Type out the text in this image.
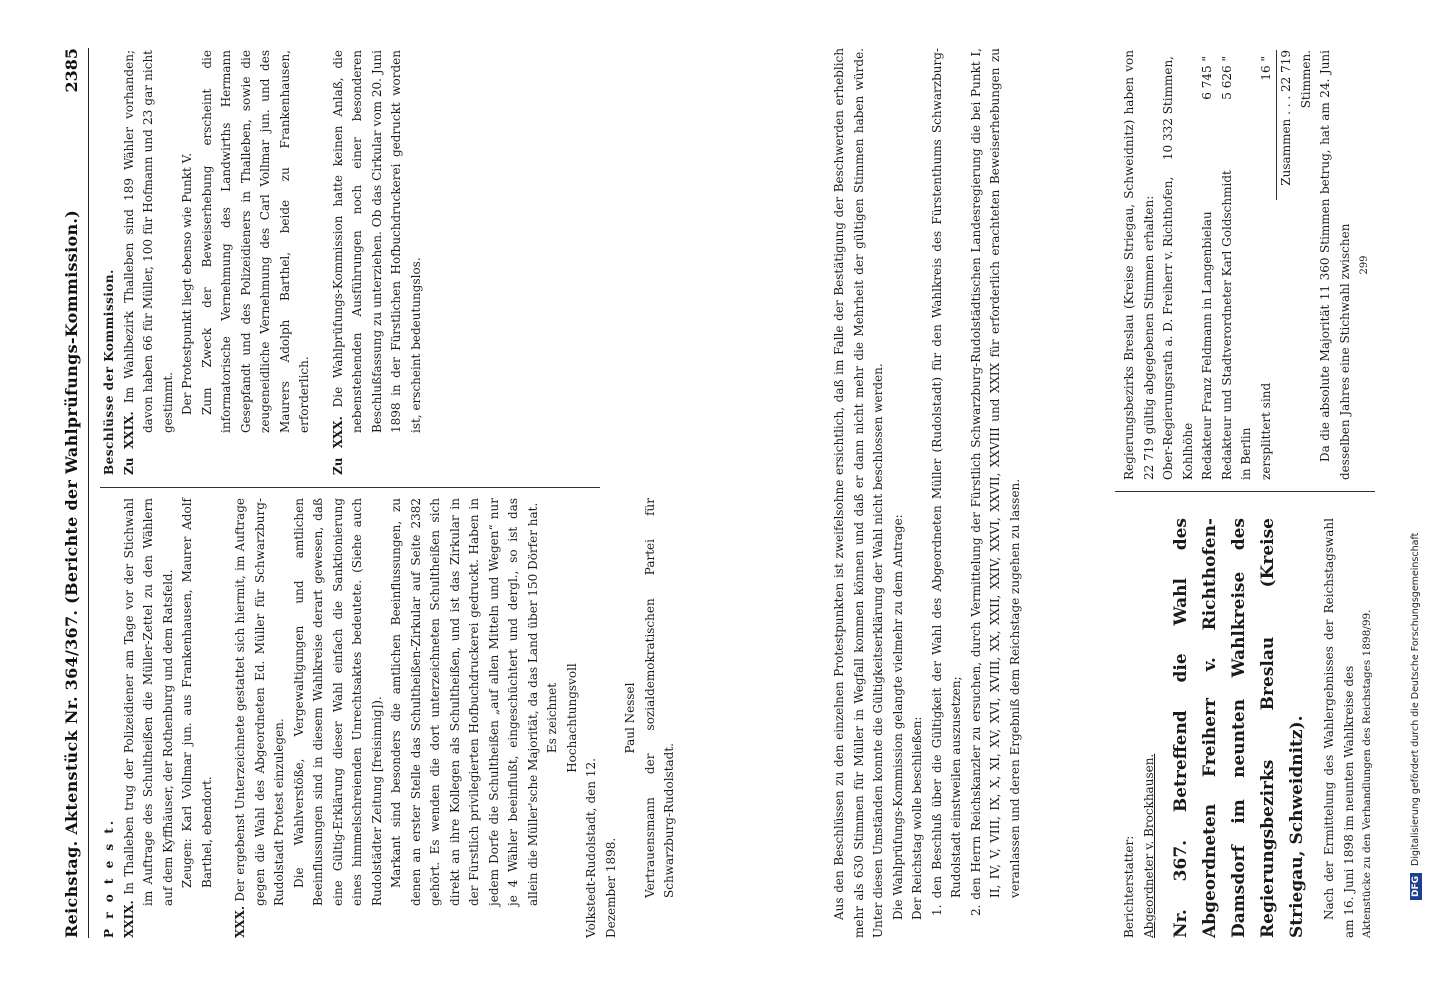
Reichstag. Aktenstück Nr. 364/367. (Berichte der Wahlprüfungs-Kommission.)
2385

P r o t e s t. XXIX. In Thalleben trug der Polizeidiener am Tage vor der Stichwahl im Auftrage des Schultheißen die Müller-Zettel zu den Wählern auf dem Kyffhäuser, der Rothenburg und dem Ratsfeld. Zeugen: Karl Vollmar jun. aus Frankenhausen, Maurer Adolf Barthel, ebendort.

XXX. Der ergebenst Unterzeichnete gestattet sich hiermit, im Auftrage gegen die Wahl des Abgeordneten Ed. Müller für Schwarzburg-Rudolstadt Protest einzulegen. Die Wahlverstöße, Vergewaltigungen und amtlichen Beeinflussungen sind in diesem Wahlkreise derart gewesen, daß eine Gültig-Erklärung dieser Wahl einfach die Sanktionierung eines himmelschreienden Unrechtsaktes bedeutete. (Siehe auch Rudolstädter Zeitung [freisinnig]). Markant sind besonders die amtlichen Beeinflussungen, zu denen an erster Stelle das Schultheißen-Zirkular auf Seite 2382 gehört. Es wenden die dort unterzeichneten Schultheißen sich direkt an ihre Kollegen als Schultheißen, und ist das Zirkular in der Fürstlich privilegierten Hofbuchdruckerei gedruckt. Haben in jedem Dorfe die Schultheißen „auf allen Mitteln und Wegen“ nur je 4 Wähler beeinflußt, eingeschüchtert und dergl., so ist das allein die Müller'sche Majorität, da das Land über 150 Dörfer hat. Es zeichnet Hochachtungsvoll

Volkstedt-Rudolstadt, den 12. Dezember 1898.

Paul Nessel Vertrauensmann der sozialdemokratischen Partei für Schwarzburg-Rudolstadt.

Beschlüsse der Kommission. Zu XXIX. Im Wahlbezirk Thalleben sind 189 Wähler vorhanden; davon haben 66 für Müller, 100 für Hofmann und 23 gar nicht gestimmt. Der Protestpunkt liegt ebenso wie Punkt V. Zum Zweck der Beweiserhebung erscheint die informatorische Vernehmung des Landwirths Hermann Gesepfandt und des Polizeidieners in Thalleben, sowie die zeugeneidliche Vernehmung des Carl Vollmar jun. und des Maurers Adolph Barthel, beide zu Frankenhausen, erforderlich.

Zu XXX. Die Wahlprüfungs-Kommission hatte keinen Anlaß, die nebenstehenden Ausführungen noch einer besonderen Beschlußfassung zu unterziehen. Ob das Cirkular vom 20. Juni 1898 in der Fürstlichen Hofbuchdruckerei gedruckt worden ist, erscheint bedeutungslos.	Aus den Beschlüssen zu den einzelnen Protestpunkten ist zweifelsohne ersichtlich, daß im Falle der Bestätigung der Beschwerden erheblich mehr als 630 Stimmen für Müller in Wegfall kommen können und daß er dann nicht mehr die Mehrheit der gültigen Stimmen haben würde. Unter diesen Umständen konnte die Gültigkeitserklärung der Wahl nicht beschlossen werden. Die Wahlprüfungs-Kommission gelangte vielmehr zu dem Antrage: Der Reichstag wolle beschließen: 1. den Beschluß über die Gültigkeit der Wahl des Abgeordneten Müller (Rudolstadt) für den Wahlkreis des Fürstenthums Schwarzburg-Rudolstadt einstweilen auszusetzen; 2. den Herrn Reichskanzler zu ersuchen, durch Vermittelung der Fürstlich Schwarzburg-Rudolstädtischen Landesregierung die bei Punkt I, II, IV, V, VIII, IX, X, XI, XV, XVI, XVIII, XX, XXII, XXIV, XXVI, XXVII, XXVIII und XXIX für erforderlich erachteten Beweiserhebungen zu veranlassen und deren Ergebniß dem Reichstage zugehen zu lassen.	Berichterstatter: Abgeordneter v. Brockhausen. Nr. 367. Betreffend die Wahl des Abgeordneten Freiherr v. Richthofen-Damsdorf im neunten Wahlkreise des Regierungsbezirks Breslau (Kreise Striegau, Schweidnitz).	Nach der Ermittelung des Wahlergebnisses der Reichstagswahl am 16. Juni 1898 im neunten Wahlkreise des Aktenstücke zu den Verhandlungen des Reichstages 1898/99.

Regierungsbezirks Breslau (Kreise Striegau, Schweidnitz) haben von 22 719 gültig abgegebenen Stimmen erhalten: Ober-Regierungsrath a. D. Freiherr v. Richthofen, Kohlhöhe	10 332 Stimmen,
Redakteur Franz Feldmann in Langenbielau	6 745 "
Redakteur und Stadtverordneter Karl Goldschmidt in Berlin	5 626 "
zersplittert sind	16 "
Zusammen . . . 22 719 Stimmen. Da die absolute Majorität 11 360 Stimmen betrug, hat am 24. Juni desselben Jahres eine Stichwahl zwischen 299

DFG Digitalisierung gefördert durch die Deutsche Forschungsgemeinschaft
